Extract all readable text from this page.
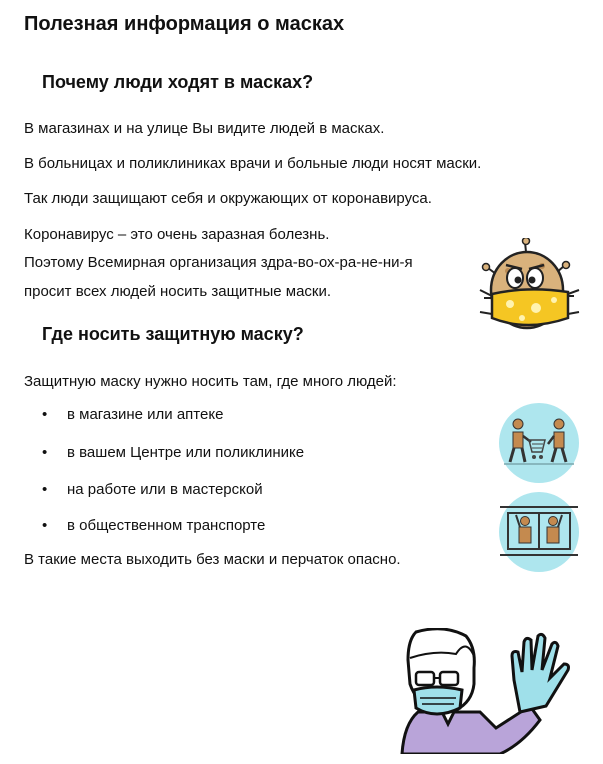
Полезная информация о масках
Почему люди ходят в масках?

В магазинах и на улице Вы видите людей в масках.

В больницах и поликлиниках врачи и больные люди носят маски.

Так люди защищают себя и окружающих от коронавируса.

Коронавирус – это очень заразная болезнь.

Поэтому Всемирная организация здра-во-ох-ра-не-ни-я

просит всех людей носить защитные маски.

Где носить защитную маску?

Защитную маску нужно носить там, где много людей:

• в магазине или аптеке
• в вашем Центре или поликлинике
• на работе или в мастерской
• в общественном транспорте

В такие места выходить без маски и перчаток опасно.
